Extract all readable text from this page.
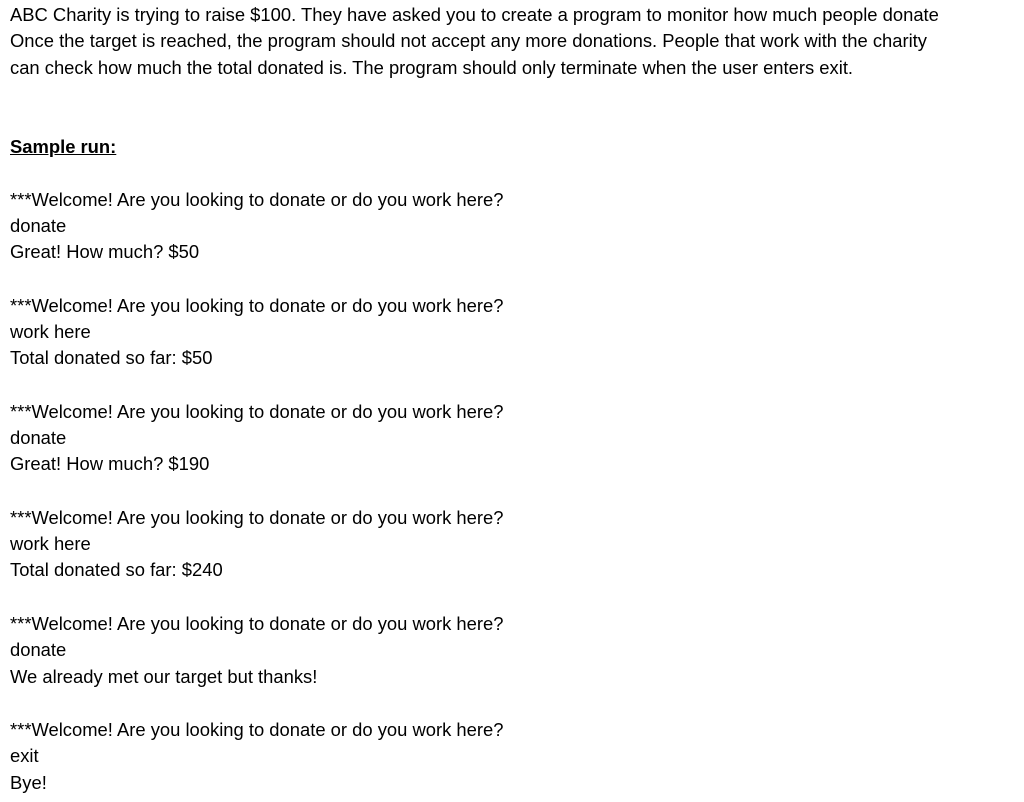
ABC Charity is trying to raise $100. They have asked you to create a program to monitor how much people donate

Once the target is reached, the program should not accept any more donations. People that work with the charity

can check how much the total donated is. The program should only terminate when the user enters exit.

Sample run:
***Welcome! Are you looking to donate or do you work here?
donate
Great! How much? $50
***Welcome! Are you looking to donate or do you work here?
work here
Total donated so far: $50
***Welcome! Are you looking to donate or do you work here?
donate
Great! How much? $190
***Welcome! Are you looking to donate or do you work here?
work here
Total donated so far: $240
***Welcome! Are you looking to donate or do you work here?
donate
We already met our target but thanks!
***Welcome! Are you looking to donate or do you work here?
exit
Bye!
